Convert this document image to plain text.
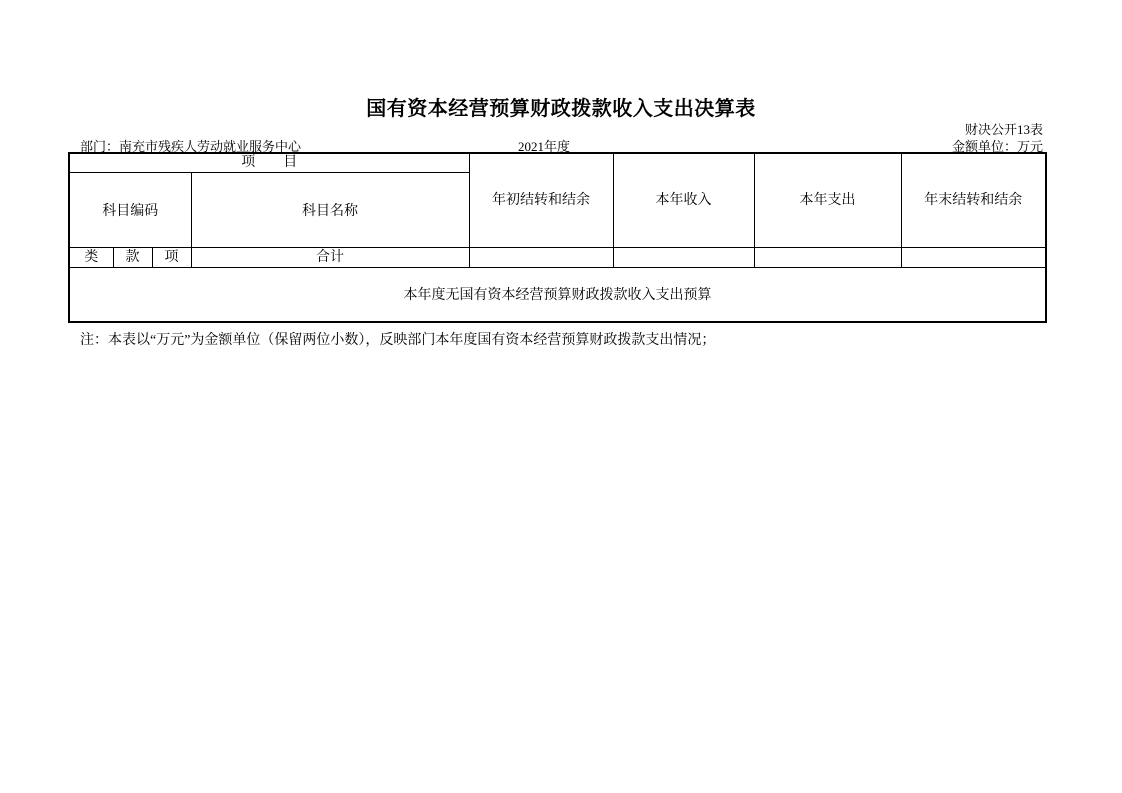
国有资本经营预算财政拨款收入支出决算表
财决公开13表
部门：南充市残疾人劳动就业服务中心	2021年度	金额单位：万元
项　　目				年初结转和结余	本年收入	本年支出	年末结转和结余
科目编码			科目名称				
类	款	项	合计				
本年度无国有资本经营预算财政拨款收入支出预算							
注：本表以“万元”为金额单位（保留两位小数），反映部门本年度国有资本经营预算财政拨款支出情况；
